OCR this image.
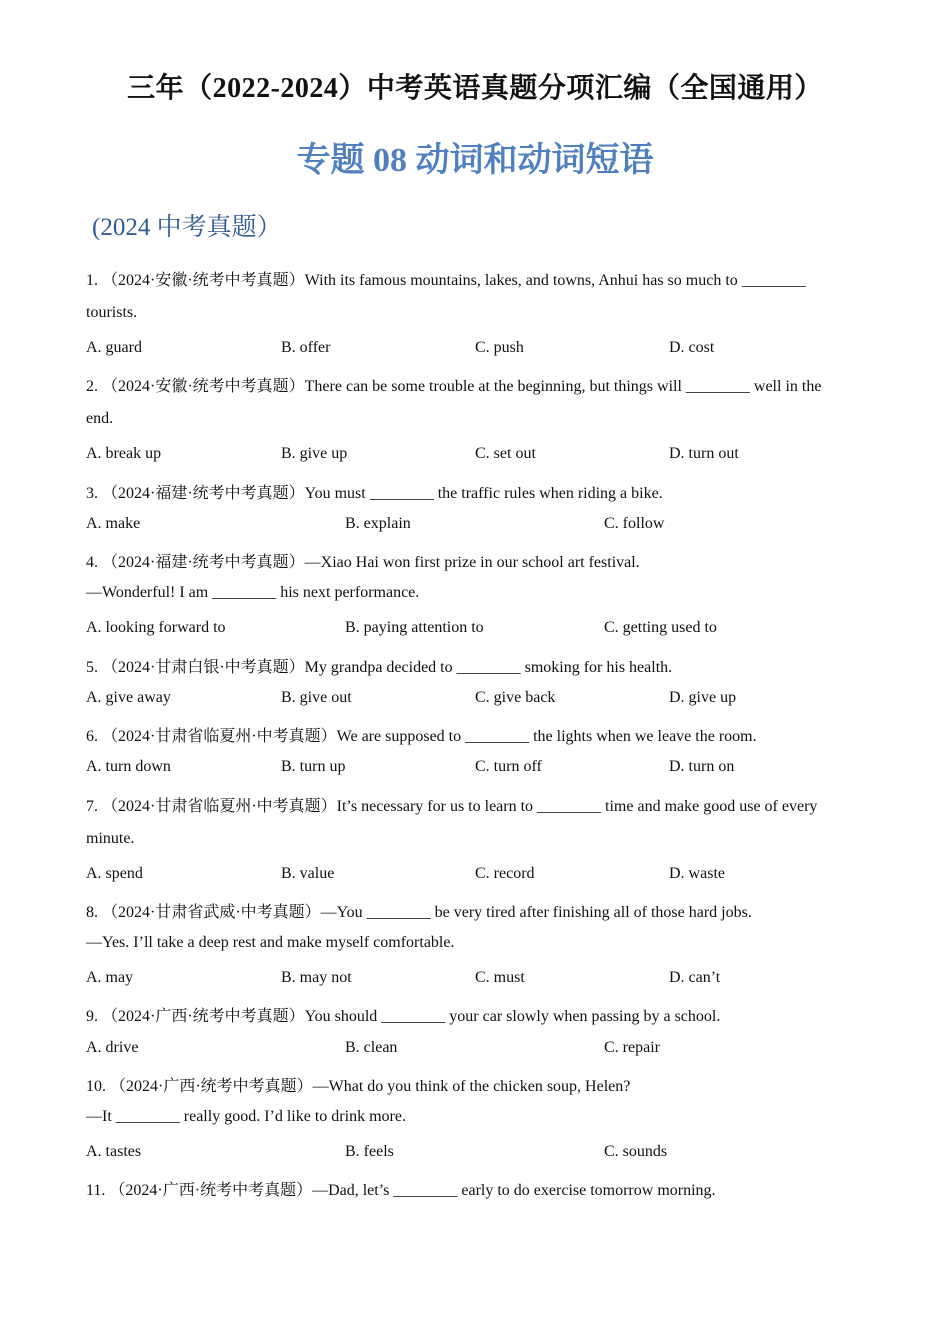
三年（2022-2024）中考英语真题分项汇编（全国通用）
专题 08 动词和动词短语
(2024 中考真题）
1. （2024·安徽·统考中考真题）With its famous mountains, lakes, and towns, Anhui has so much to ________
tourists.
A. guard	B. offer	C. push	D. cost
2. （2024·安徽·统考中考真题）There can be some trouble at the beginning, but things will ________ well in the
end.
A. break up	B. give up	C. set out	D. turn out
3. （2024·福建·统考中考真题）You must ________ the traffic rules when riding a bike.
A. make	B. explain	C. follow
4. （2024·福建·统考中考真题）—Xiao Hai won first prize in our school art festival.
—Wonderful! I am ________ his next performance.
A. looking forward to	B. paying attention to	C. getting used to
5. （2024·甘肃白银·中考真题）My grandpa decided to ________ smoking for his health.
A. give away	B. give out	C. give back	D. give up
6. （2024·甘肃省临夏州·中考真题）We are supposed to ________ the lights when we leave the room.
A. turn down	B. turn up	C. turn off	D. turn on
7. （2024·甘肃省临夏州·中考真题）It’s necessary for us to learn to ________ time and make good use of every
minute.
A. spend	B. value	C. record	D. waste
8. （2024·甘肃省武威·中考真题）—You ________ be very tired after finishing all of those hard jobs.
—Yes. I’ll take a deep rest and make myself comfortable.
A. may	B. may not	C. must	D. can’t
9. （2024·广西·统考中考真题）You should ________ your car slowly when passing by a school.
A. drive	B. clean	C. repair
10. （2024·广西·统考中考真题）—What do you think of the chicken soup, Helen?
—It ________ really good. I’d like to drink more.
A. tastes	B. feels	C. sounds
11. （2024·广西·统考中考真题）—Dad, let’s ________ early to do exercise tomorrow morning.
